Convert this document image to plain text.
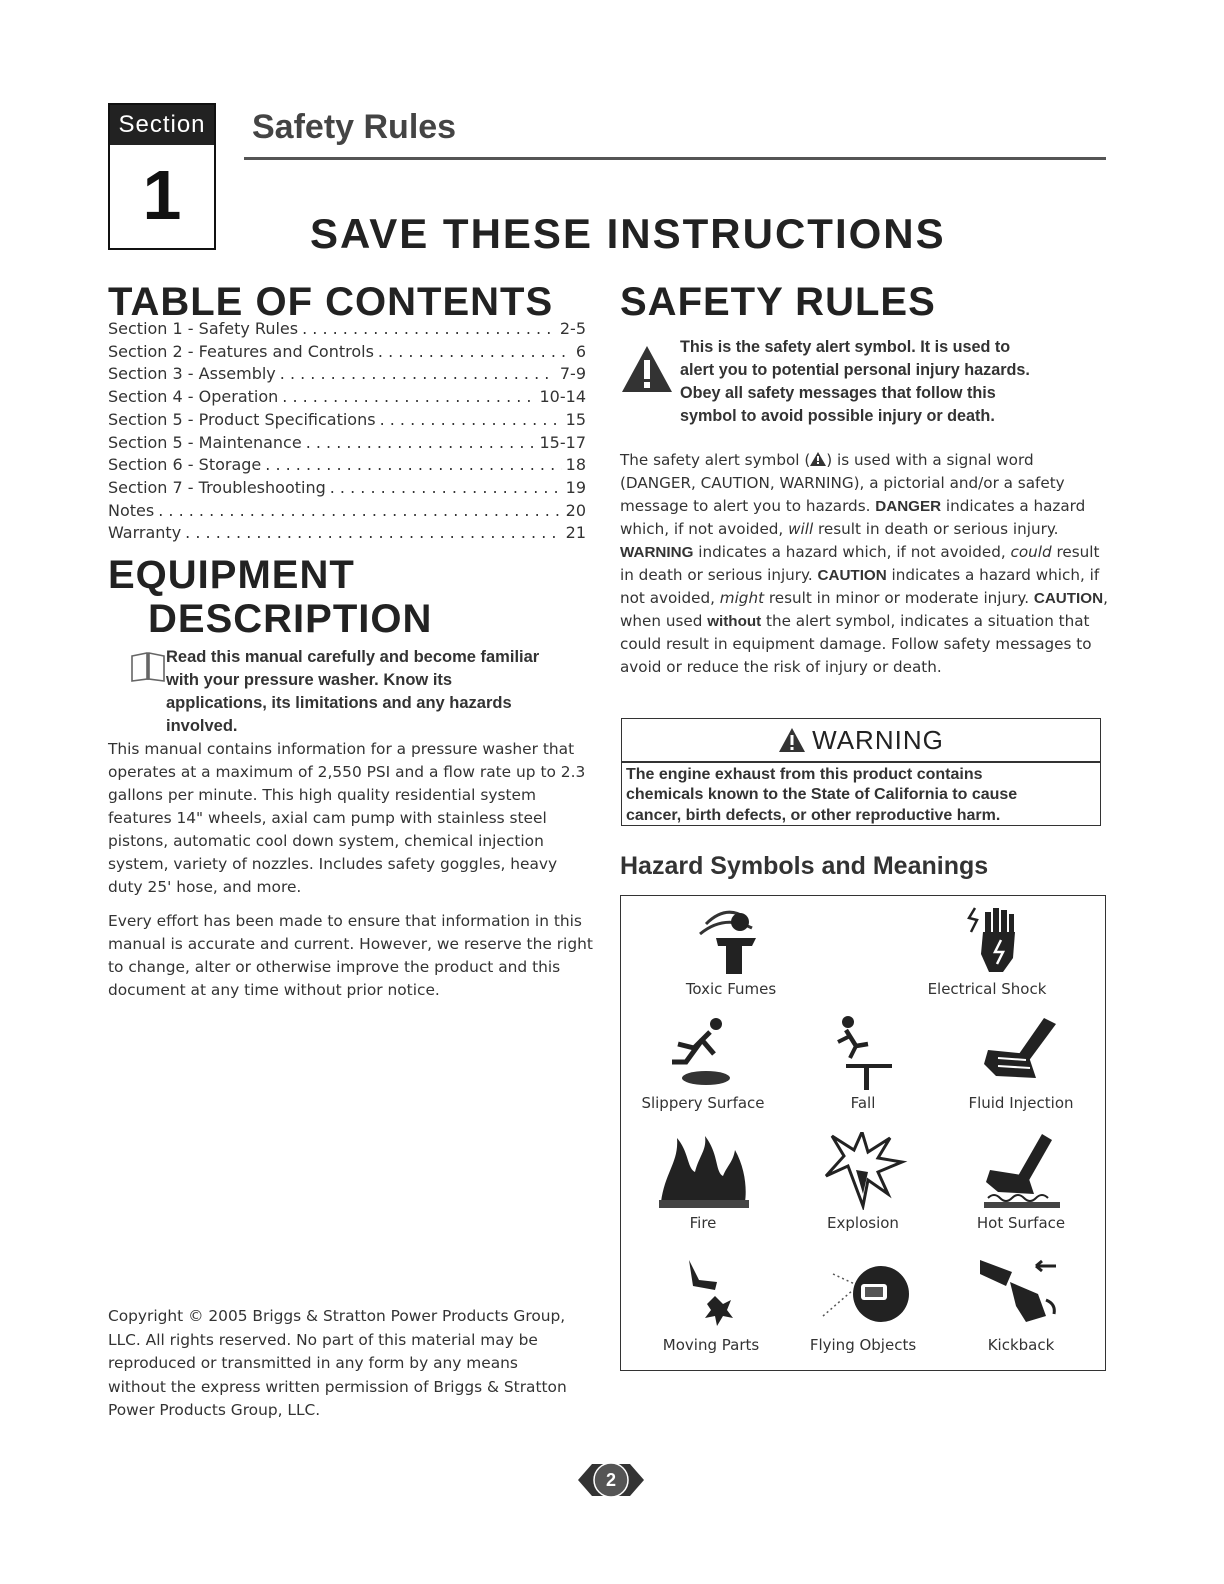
Section
1
Safety Rules
SAVE THESE INSTRUCTIONS
TABLE OF CONTENTS
Section 1 - Safety Rules . . .	2-5
Section 2 - Features and Controls . . .	6
Section 3 - Assembly . . .	7-9
Section 4 - Operation . . .	10-14
Section 5 - Product Specifications . . .	15
Section 5 - Maintenance . . .	15-17
Section 6 - Storage . . .	18
Section 7 - Troubleshooting . . .	19
Notes . . .	20
Warranty . . .	21
EQUIPMENT
DESCRIPTION
Read this manual carefully and become familiar
with your pressure washer. Know its
applications, its limitations and any hazards
involved.

This manual contains information for a pressure washer that operates at a maximum of 2,550 PSI and a flow rate up to 2.3 gallons per minute. This high quality residential system features 14" wheels, axial cam pump with stainless steel pistons, automatic cool down system, chemical injection system, variety of nozzles. Includes safety goggles, heavy duty 25' hose, and more.

Every effort has been made to ensure that information in this manual is accurate and current. However, we reserve the right to change, alter or otherwise improve the product and this document at any time without prior notice.

Copyright © 2005 Briggs & Stratton Power Products Group, LLC. All rights reserved. No part of this material may be reproduced or transmitted in any form by any means without the express written permission of Briggs & Stratton Power Products Group, LLC.

SAFETY RULES
This is the safety alert symbol. It is used to
alert you to potential personal injury hazards.
Obey all safety messages that follow this
symbol to avoid possible injury or death.

The safety alert symbol ( ) is used with a signal word (DANGER, CAUTION, WARNING), a pictorial and/or a safety message to alert you to hazards. DANGER indicates a hazard which, if not avoided, will result in death or serious injury. WARNING indicates a hazard which, if not avoided, could result in death or serious injury. CAUTION indicates a hazard which, if not avoided, might result in minor or moderate injury. CAUTION, when used without the alert symbol, indicates a situation that could result in equipment damage. Follow safety messages to avoid or reduce the risk of injury or death.

WARNING
The engine exhaust from this product contains
chemicals known to the State of California to cause
cancer, birth defects, or other reproductive harm.
Hazard Symbols and Meanings
Toxic Fumes	Electrical Shock
Slippery Surface	Fall	Fluid Injection
Fire	Explosion	Hot Surface
Moving Parts	Flying Objects	Kickback
2
